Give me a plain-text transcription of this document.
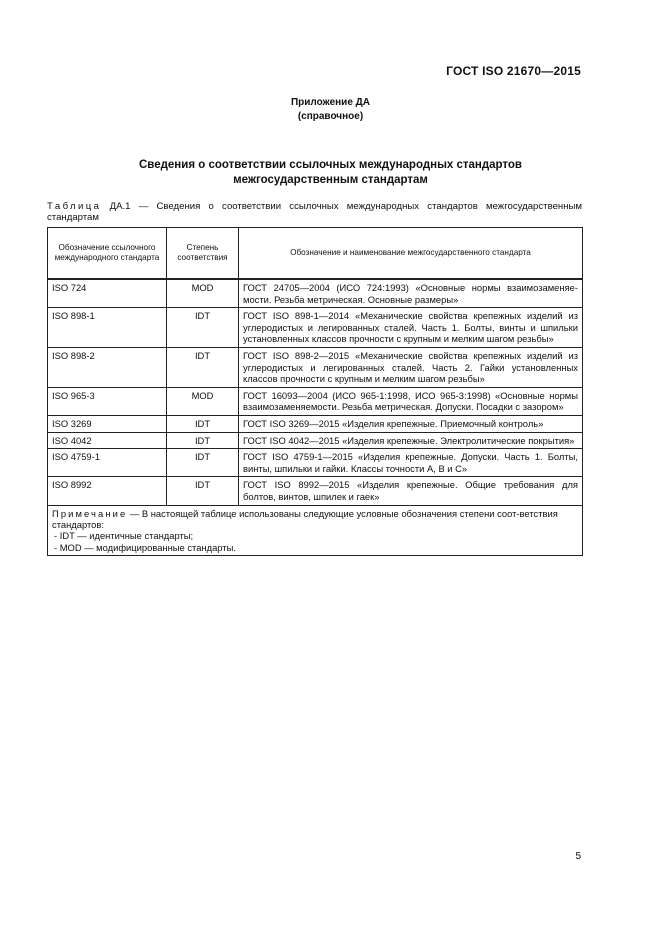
ГОСТ ISO 21670—2015
Приложение ДА
(справочное)
Сведения о соответствии ссылочных международных стандартов
межгосударственным стандартам
Таблица ДА.1 — Сведения о соответствии ссылочных международных стандартов межгосударственным стандартам
Обозначение ссылочного международного стандарта	Степень соответствия	Обозначение и наименование межгосударственного стандарта
ISO 724	MOD	ГОСТ 24705—2004 (ИСО 724:1993) «Основные нормы взаимозаменяе-мости. Резьба метрическая. Основные размеры»
ISO 898-1	IDT	ГОСТ ISO 898-1—2014 «Механические свойства крепежных изделий из углеродистых и легированных сталей. Часть 1. Болты, винты и шпильки установленных классов прочности с крупным и мелким шагом резьбы»
ISO 898-2	IDT	ГОСТ ISO 898-2—2015 «Механические свойства крепежных изделий из углеродистых и легированных сталей. Часть 2. Гайки установленных классов прочности с крупным и мелким шагом резьбы»
ISO 965-3	MOD	ГОСТ 16093—2004 (ИСО 965-1:1998, ИСО 965-3:1998) «Основные нормы взаимозаменяемости. Резьба метрическая. Допуски. Посадки с зазором»
ISO 3269	IDT	ГОСТ ISO 3269—2015 «Изделия крепежные. Приемочный контроль»
ISO 4042	IDT	ГОСТ ISO 4042—2015 «Изделия крепежные. Электролитические покрытия»
ISO 4759-1	IDT	ГОСТ ISO 4759-1—2015 «Изделия крепежные. Допуски. Часть 1. Болты, винты, шпильки и гайки. Классы точности А, В и С»
ISO 8992	IDT	ГОСТ ISO 8992—2015 «Изделия крепежные. Общие требования для болтов, винтов, шпилек и гаек»

Примечание — В настоящей таблице использованы следующие условные обозначения степени соот-ветствия стандартов:
- IDT — идентичные стандарты;
- MOD — модифицированные стандарты.		
5
